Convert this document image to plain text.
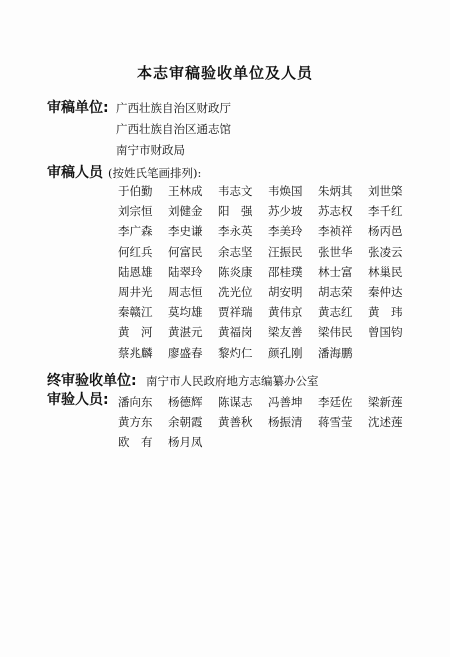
本志审稿验收单位及人员
审稿单位: 广西壮族自治区财政厅
广西壮族自治区通志馆
南宁市财政局
审稿人员 (按姓氏笔画排列):
于伯勤	王林成	韦志文	韦焕国	朱炳其	刘世棨
刘宗恒	刘健金	阳　强	苏少坡	苏志权	李千红
李广森	李史谦	李永英	李美玲	李祯祥	杨丙邑
何红兵	何富民	余志坚	汪振民	张世华	张凌云
陆恩雄	陆翠玲	陈炎康	邵桂璞	林士富	林巢民
周井光	周志恒	冼光位	胡安明	胡志荣	秦仲达
秦赣江	莫均雄	贾祥瑞	黄伟京	黄志红	黄　玮
黄　河	黄湛元	黄福岗	梁友善	梁伟民	曾国钧
蔡兆麟	廖盛春	黎灼仁	颜孔刚	潘海鹏
终审验收单位: 南宁市人民政府地方志编纂办公室
审验人员: 潘向东	杨德辉	陈谋志	冯善坤	李廷佐	梁新莲
黄方东	余朝霞	黄善秋	杨振清	蒋雪莹	沈述莲
欧　有	杨月凤
